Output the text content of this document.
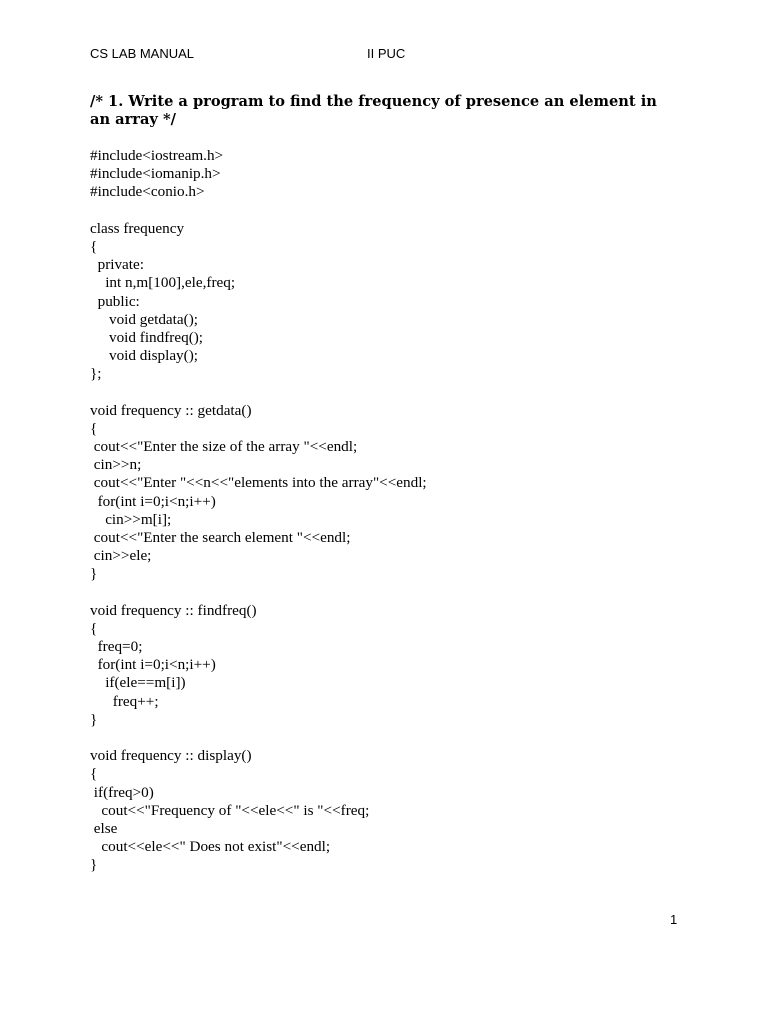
CS LAB MANUAL	II PUC
/* 1. Write a program to find the frequency of presence an element in an array */
#include<iostream.h>
#include<iomanip.h>
#include<conio.h>
class frequency
{
private:
int n,m[100],ele,freq;
public:
void getdata();
void findfreq();
void display();
};
void frequency :: getdata()
{
cout<<"Enter the size of the array "<<endl;
cin>>n;
cout<<"Enter "<<n<<"elements into the array"<<endl;
for(int i=0;i<n;i++)
cin>>m[i];
cout<<"Enter the search element "<<endl;
cin>>ele;
}
void frequency :: findfreq()
{
freq=0;
for(int i=0;i<n;i++)
if(ele==m[i])
freq++;
}
void frequency :: display()
{
if(freq>0)
cout<<"Frequency of "<<ele<<" is "<<freq;
else
cout<<ele<<" Does not exist"<<endl;
}
1
